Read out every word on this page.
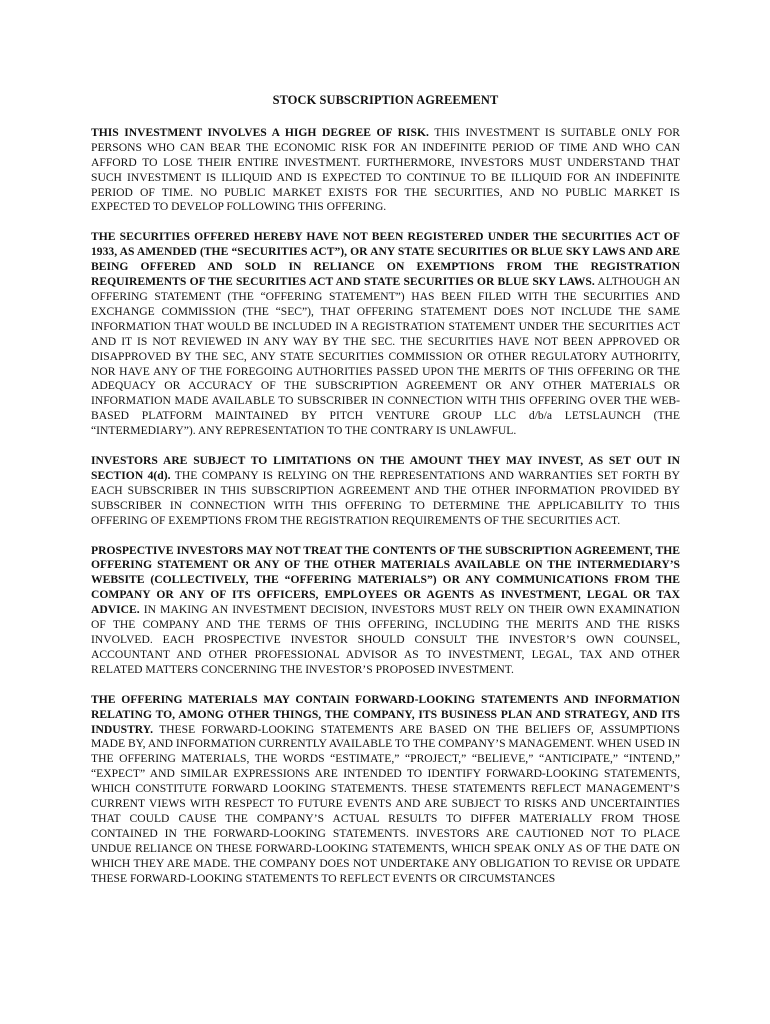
STOCK SUBSCRIPTION AGREEMENT

THIS INVESTMENT INVOLVES A HIGH DEGREE OF RISK. THIS INVESTMENT IS SUITABLE ONLY FOR PERSONS WHO CAN BEAR THE ECONOMIC RISK FOR AN INDEFINITE PERIOD OF TIME AND WHO CAN AFFORD TO LOSE THEIR ENTIRE INVESTMENT. FURTHERMORE, INVESTORS MUST UNDERSTAND THAT SUCH INVESTMENT IS ILLIQUID AND IS EXPECTED TO CONTINUE TO BE ILLIQUID FOR AN INDEFINITE PERIOD OF TIME. NO PUBLIC MARKET EXISTS FOR THE SECURITIES, AND NO PUBLIC MARKET IS EXPECTED TO DEVELOP FOLLOWING THIS OFFERING.

THE SECURITIES OFFERED HEREBY HAVE NOT BEEN REGISTERED UNDER THE SECURITIES ACT OF 1933, AS AMENDED (THE “SECURITIES ACT”), OR ANY STATE SECURITIES OR BLUE SKY LAWS AND ARE BEING OFFERED AND SOLD IN RELIANCE ON EXEMPTIONS FROM THE REGISTRATION REQUIREMENTS OF THE SECURITIES ACT AND STATE SECURITIES OR BLUE SKY LAWS. ALTHOUGH AN OFFERING STATEMENT (THE “OFFERING STATEMENT”) HAS BEEN FILED WITH THE SECURITIES AND EXCHANGE COMMISSION (THE “SEC”), THAT OFFERING STATEMENT DOES NOT INCLUDE THE SAME INFORMATION THAT WOULD BE INCLUDED IN A REGISTRATION STATEMENT UNDER THE SECURITIES ACT AND IT IS NOT REVIEWED IN ANY WAY BY THE SEC. THE SECURITIES HAVE NOT BEEN APPROVED OR DISAPPROVED BY THE SEC, ANY STATE SECURITIES COMMISSION OR OTHER REGULATORY AUTHORITY, NOR HAVE ANY OF THE FOREGOING AUTHORITIES PASSED UPON THE MERITS OF THIS OFFERING OR THE ADEQUACY OR ACCURACY OF THE SUBSCRIPTION AGREEMENT OR ANY OTHER MATERIALS OR INFORMATION MADE AVAILABLE TO SUBSCRIBER IN CONNECTION WITH THIS OFFERING OVER THE WEB-BASED PLATFORM MAINTAINED BY PITCH VENTURE GROUP LLC d/b/a LETSLAUNCH (THE “INTERMEDIARY”). ANY REPRESENTATION TO THE CONTRARY IS UNLAWFUL.

INVESTORS ARE SUBJECT TO LIMITATIONS ON THE AMOUNT THEY MAY INVEST, AS SET OUT IN SECTION 4(d). THE COMPANY IS RELYING ON THE REPRESENTATIONS AND WARRANTIES SET FORTH BY EACH SUBSCRIBER IN THIS SUBSCRIPTION AGREEMENT AND THE OTHER INFORMATION PROVIDED BY SUBSCRIBER IN CONNECTION WITH THIS OFFERING TO DETERMINE THE APPLICABILITY TO THIS OFFERING OF EXEMPTIONS FROM THE REGISTRATION REQUIREMENTS OF THE SECURITIES ACT.

PROSPECTIVE INVESTORS MAY NOT TREAT THE CONTENTS OF THE SUBSCRIPTION AGREEMENT, THE OFFERING STATEMENT OR ANY OF THE OTHER MATERIALS AVAILABLE ON THE INTERMEDIARY’S WEBSITE (COLLECTIVELY, THE “OFFERING MATERIALS”) OR ANY COMMUNICATIONS FROM THE COMPANY OR ANY OF ITS OFFICERS, EMPLOYEES OR AGENTS AS INVESTMENT, LEGAL OR TAX ADVICE. IN MAKING AN INVESTMENT DECISION, INVESTORS MUST RELY ON THEIR OWN EXAMINATION OF THE COMPANY AND THE TERMS OF THIS OFFERING, INCLUDING THE MERITS AND THE RISKS INVOLVED. EACH PROSPECTIVE INVESTOR SHOULD CONSULT THE INVESTOR’S OWN COUNSEL, ACCOUNTANT AND OTHER PROFESSIONAL ADVISOR AS TO INVESTMENT, LEGAL, TAX AND OTHER RELATED MATTERS CONCERNING THE INVESTOR’S PROPOSED INVESTMENT.

THE OFFERING MATERIALS MAY CONTAIN FORWARD-LOOKING STATEMENTS AND INFORMATION RELATING TO, AMONG OTHER THINGS, THE COMPANY, ITS BUSINESS PLAN AND STRATEGY, AND ITS INDUSTRY. THESE FORWARD-LOOKING STATEMENTS ARE BASED ON THE BELIEFS OF, ASSUMPTIONS MADE BY, AND INFORMATION CURRENTLY AVAILABLE TO THE COMPANY’S MANAGEMENT. WHEN USED IN THE OFFERING MATERIALS, THE WORDS “ESTIMATE,” “PROJECT,” “BELIEVE,” “ANTICIPATE,” “INTEND,” “EXPECT” AND SIMILAR EXPRESSIONS ARE INTENDED TO IDENTIFY FORWARD-LOOKING STATEMENTS, WHICH CONSTITUTE FORWARD LOOKING STATEMENTS. THESE STATEMENTS REFLECT MANAGEMENT’S CURRENT VIEWS WITH RESPECT TO FUTURE EVENTS AND ARE SUBJECT TO RISKS AND UNCERTAINTIES THAT COULD CAUSE THE COMPANY’S ACTUAL RESULTS TO DIFFER MATERIALLY FROM THOSE CONTAINED IN THE FORWARD-LOOKING STATEMENTS. INVESTORS ARE CAUTIONED NOT TO PLACE UNDUE RELIANCE ON THESE FORWARD-LOOKING STATEMENTS, WHICH SPEAK ONLY AS OF THE DATE ON WHICH THEY ARE MADE. THE COMPANY DOES NOT UNDERTAKE ANY OBLIGATION TO REVISE OR UPDATE THESE FORWARD-LOOKING STATEMENTS TO REFLECT EVENTS OR CIRCUMSTANCES
